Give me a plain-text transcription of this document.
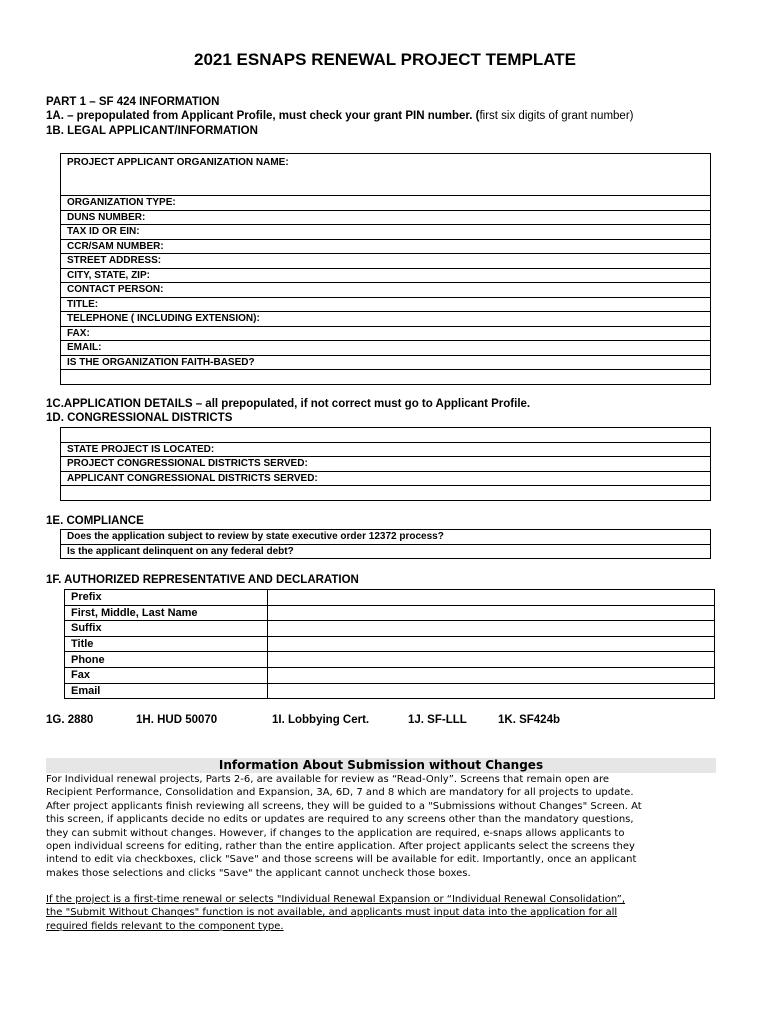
2021 ESNAPS RENEWAL PROJECT TEMPLATE
PART 1 – SF 424 INFORMATION
1A. – prepopulated from Applicant Profile, must check your grant PIN number. (first six digits of grant number)
1B. LEGAL APPLICANT/INFORMATION
PROJECT APPLICANT ORGANIZATION NAME:
ORGANIZATION TYPE:
DUNS NUMBER:
TAX ID OR EIN:
CCR/SAM NUMBER:
STREET ADDRESS:
CITY, STATE, ZIP:
CONTACT PERSON:
TITLE:
TELEPHONE ( INCLUDING EXTENSION):
FAX:
EMAIL:
IS THE ORGANIZATION FAITH-BASED?

1C.APPLICATION DETAILS – all prepopulated, if not correct must go to Applicant Profile.
1D. CONGRESSIONAL DISTRICTS

STATE PROJECT IS LOCATED:
PROJECT CONGRESSIONAL DISTRICTS SERVED:
APPLICANT CONGRESSIONAL DISTRICTS SERVED:

1E. COMPLIANCE
Does the application subject to review by state executive order 12372 process?
Is the applicant delinquent on any federal debt?
1F. AUTHORIZED REPRESENTATIVE AND DECLARATION
Prefix	
First, Middle, Last Name	
Suffix	
Title	
Phone	
Fax	
Email	
1G. 2880	1H. HUD 50070	1I. Lobbying Cert.	1J. SF-LLL	1K. SF424b
Information About Submission without Changes
For Individual renewal projects, Parts 2-6, are available for review as “Read-Only”. Screens that remain open are
Recipient Performance, Consolidation and Expansion, 3A, 6D, 7 and 8 which are mandatory for all projects to update.
After project applicants finish reviewing all screens, they will be guided to a "Submissions without Changes" Screen. At
this screen, if applicants decide no edits or updates are required to any screens other than the mandatory questions,
they can submit without changes. However, if changes to the application are required, e-snaps allows applicants to
open individual screens for editing, rather than the entire application. After project applicants select the screens they
intend to edit via checkboxes, click "Save" and those screens will be available for edit. Importantly, once an applicant
makes those selections and clicks "Save" the applicant cannot uncheck those boxes.
If the project is a first-time renewal or selects "Individual Renewal Expansion or “Individual Renewal Consolidation”,
the "Submit Without Changes" function is not available, and applicants must input data into the application for all
required fields relevant to the component type.
